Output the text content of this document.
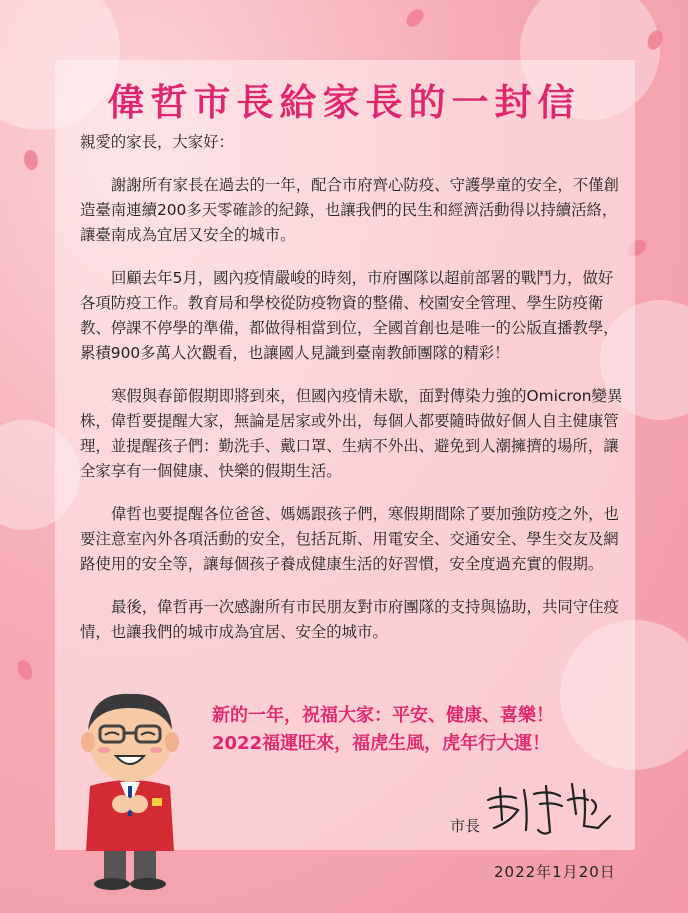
偉哲市長給家長的一封信

親愛的家長，大家好：

謝謝所有家長在過去的一年，配合市府齊心防疫、守護學童的安全，不僅創造臺南連續200多天零確診的紀錄，也讓我們的民生和經濟活動得以持續活絡，讓臺南成為宜居又安全的城市。

回顧去年5月，國內疫情嚴峻的時刻，市府團隊以超前部署的戰鬥力，做好各項防疫工作。教育局和學校從防疫物資的整備、校園安全管理、學生防疫衛教、停課不停學的準備，都做得相當到位，全國首創也是唯一的公版直播教學，累積900多萬人次觀看，也讓國人見識到臺南教師團隊的精彩！

寒假與春節假期即將到來，但國內疫情未歇，面對傳染力強的Omicron變異株，偉哲要提醒大家，無論是居家或外出，每個人都要隨時做好個人自主健康管理，並提醒孩子們：勤洗手、戴口罩、生病不外出、避免到人潮擁擠的場所，讓全家享有一個健康、快樂的假期生活。

偉哲也要提醒各位爸爸、媽媽跟孩子們，寒假期間除了要加強防疫之外，也要注意室內外各項活動的安全，包括瓦斯、用電安全、交通安全、學生交友及網路使用的安全等，讓每個孩子養成健康生活的好習慣，安全度過充實的假期。

最後，偉哲再一次感謝所有市民朋友對市府團隊的支持與協助，共同守住疫情，也讓我們的城市成為宜居、安全的城市。

新的一年，祝福大家：平安、健康、喜樂！
2022福運旺來，福虎生風，虎年行大運！
市長
2022年1月20日
